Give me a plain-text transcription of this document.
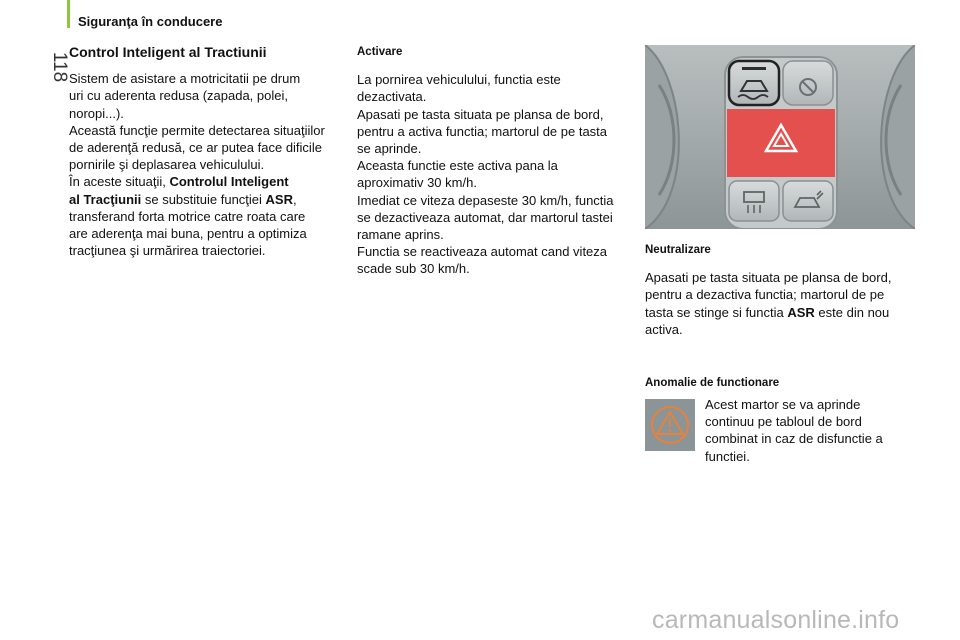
Siguranţa în conducere
118
Control Inteligent al Tractiunii

Sistem de asistare a motricitatii pe drum
uri cu aderenta redusa (zapada, polei,
noropi...).
Această funcţie permite detectarea situaţiilor
de aderenţă redusă, ce ar putea face dificile
pornirile şi deplasarea vehiculului.
În aceste situaţii, Controlul Inteligent
al Tracţiunii se substituie funcţiei ASR,
transferand forta motrice catre roata care
are aderenţa mai buna, pentru a optimiza
tracţiunea şi urmărirea traiectoriei.

Activare

La pornirea vehiculului, functia este
dezactivata.
Apasati pe tasta situata pe plansa de bord,
pentru a activa functia; martorul de pe tasta
se aprinde.
Aceasta functie este activa pana la
aproximativ 30 km/h.
Imediat ce viteza depaseste 30 km/h, functia
se dezactiveaza automat, dar martorul tastei
ramane aprins.
Functia se reactiveaza automat cand viteza
scade sub 30 km/h.

Neutralizare

Apasati pe tasta situata pe plansa de bord,
pentru a dezactiva functia; martorul de pe
tasta se stinge si functia ASR este din nou
activa.

Anomalie de functionare

Acest martor se va aprinde
continuu pe tabloul de bord
combinat in caz de disfunctie a
functiei.

carmanualsonline.info
